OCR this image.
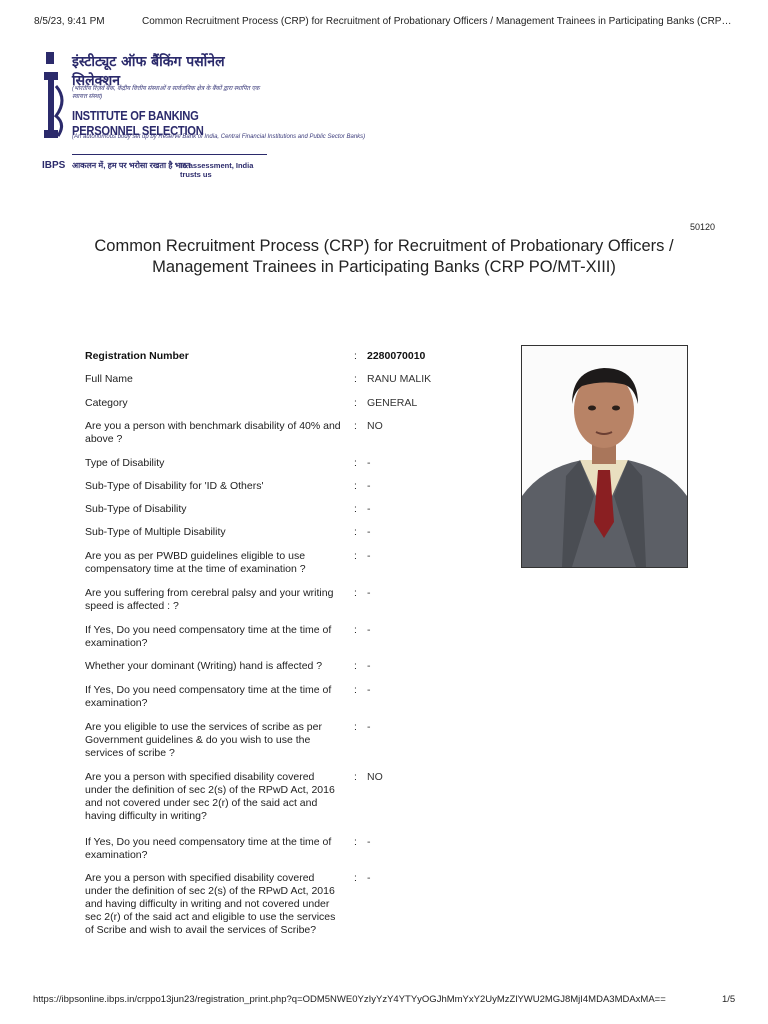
8/5/23, 9:41 PM	Common Recruitment Process (CRP) for Recruitment of Probationary Officers / Management Trainees in Participating Banks (CRP…
IBPS
इंस्टीट्यूट ऑफ बैंकिंग पर्सोनेल सिलेक्शन
(भारतीय रिज़र्व बैंक, केंद्रीय वित्तीय संस्थाओं व सार्वजनिक क्षेत्र के बैंकों द्वारा स्थापित एक स्वायत्त संस्था)
INSTITUTE OF BANKING PERSONNEL SELECTION
(An autonomous body set up by Reserve Bank of India, Central Financial Institutions and Public Sector Banks)
आकलन में, हम पर भरोसा रखता है भारत
In assessment, India trusts us
50120
Common Recruitment Process (CRP) for Recruitment of Probationary Officers /
Management Trainees in Participating Banks (CRP PO/MT-XIII)
Registration Number	: 2280070010
Full Name	: RANU MALIK
Category	: GENERAL
Are you a person with benchmark disability of 40% and above ?
: NO
Type of Disability	: -
Sub-Type of Disability for 'ID & Others'	: -
Sub-Type of Disability	: -
Sub-Type of Multiple Disability	: -
Are you as per PWBD guidelines eligible to use compensatory time at the time of examination ?
: -
Are you suffering from cerebral palsy and your writing speed is affected : ?
: -
If Yes, Do you need compensatory time at the time of examination?
: -
Whether your dominant (Writing) hand is affected ?	: -
If Yes, Do you need compensatory time at the time of examination?
: -
Are you eligible to use the services of scribe as per Government guidelines & do you wish to use the services of scribe ?
: -
Are you a person with specified disability covered under the definition of sec 2(s) of the RPwD Act, 2016 and not covered under sec 2(r) of the said act and having difficulty in writing?
: NO
If Yes, Do you need compensatory time at the time of examination?
: -
Are you a person with specified disability covered under the definition of sec 2(s) of the RPwD Act, 2016 and having difficulty in writing and not covered under sec 2(r) of the said act and eligible to use the services of Scribe and wish to avail the services of Scribe?
: -
https://ibpsonline.ibps.in/crppo13jun23/registration_print.php?q=ODM5NWE0YzIyYzY4YTYyOGJhMmYxY2UyMzZlYWU2MGJ8MjI4MDA3MDAxMA==	1/5
